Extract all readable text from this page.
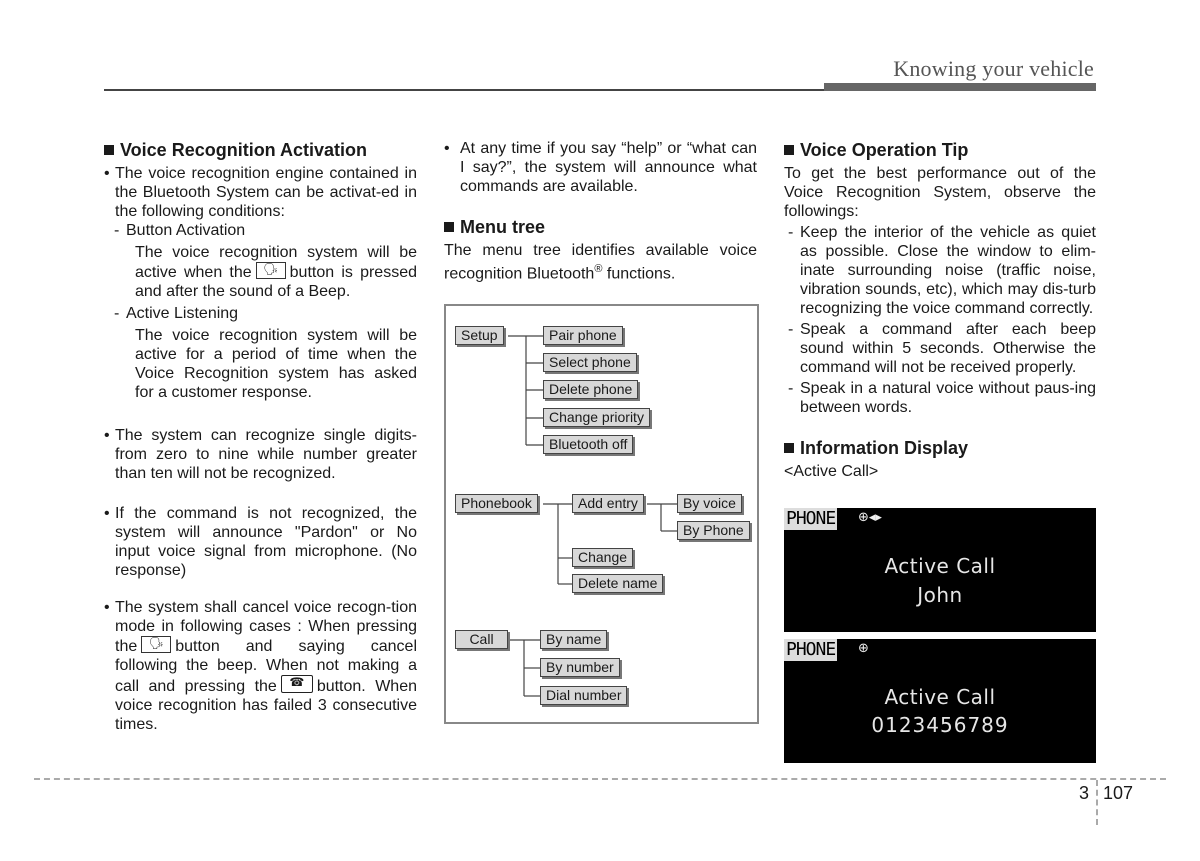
Knowing your vehicle
Voice Recognition Activation

• The voice recognition engine contained in the Bluetooth System can be activat-ed in the following conditions:

- Button Activation

The voice recognition system will be active when the 🗣 button is pressed and after the sound of a Beep.

- Active Listening

The voice recognition system will be active for a period of time when the Voice Recognition system has asked for a customer response.

• The system can recognize single digits-from zero to nine while number greater than ten will not be recognized.

• If the command is not recognized, the system will announce "Pardon" or No input voice signal from microphone. (No response)

• The system shall cancel voice recogn-tion mode in following cases : When pressing the 🗣 button and saying cancel following the beep. When not making a call and pressing the	☎ button. When voice recognition has failed 3 consecutive times.

• At any time if you say “help” or “what can I say?”, the system will announce what commands are available.

Menu tree

The menu tree identifies available voice recognition Bluetooth® functions.

Setup	Pair phone
Select phone
Delete phone
Change priority
Bluetooth off
Phonebook	Add entry	By voice
By Phone
Change
Delete name
Call	By name
By number
Dial number
Voice Operation Tip

To get the best performance out of the Voice Recognition System, observe the followings:

- Keep the interior of the vehicle as quiet as possible. Close the window to elim-inate surrounding noise (traffic noise, vibration sounds, etc), which may dis-turb recognizing the voice command correctly.

- Speak a command after each beep sound within 5 seconds. Otherwise the command will not be received properly.

- Speak in a natural voice without paus-ing between words.

Information Display

<Active Call>

PHONE ⊕◂▸
Active Call
John
PHONE ⊕
Active Call
0123456789
3 107
